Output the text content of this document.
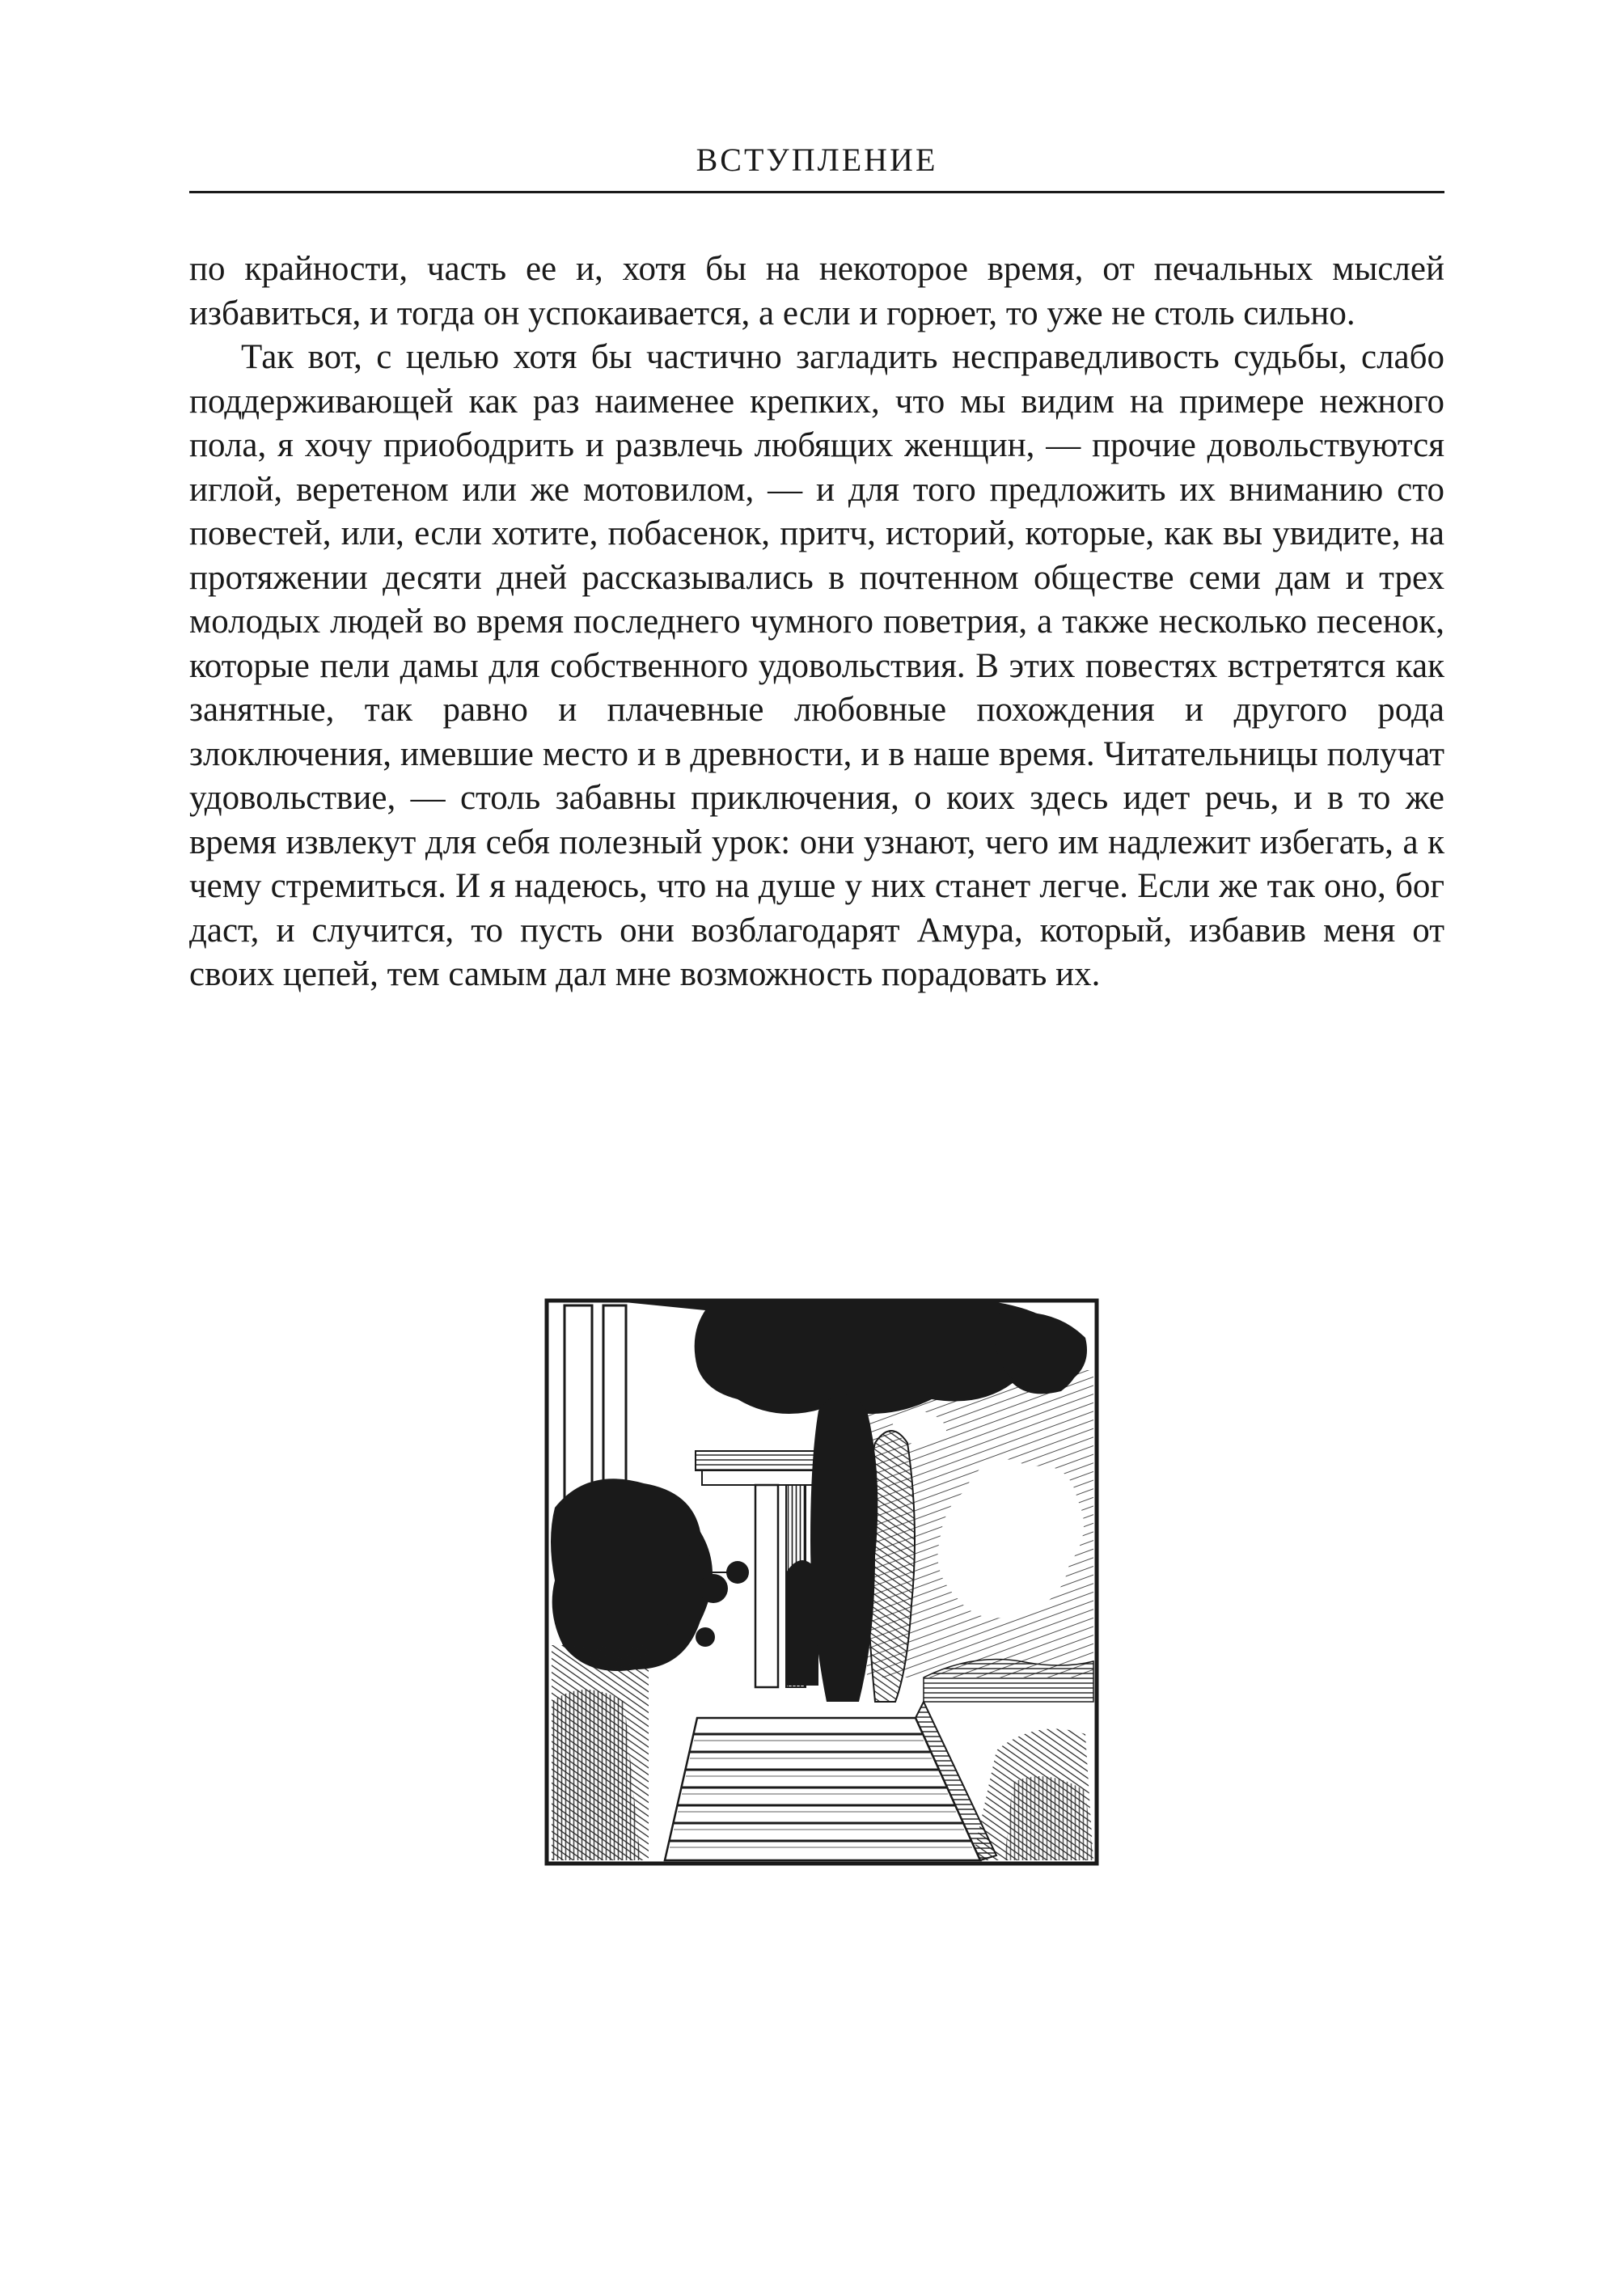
ВСТУПЛЕНИЕ

по крайности, часть ее и, хотя бы на некоторое время, от печальных мыслей избавиться, и тогда он успокаивается, а если и горюет, то уже не столь сильно.

Так вот, с целью хотя бы частично загладить несправедливость судьбы, слабо поддерживающей как раз наименее крепких, что мы видим на примере нежного пола, я хочу приободрить и развлечь любящих женщин, — прочие довольствуются иглой, веретеном или же мотовилом, — и для того предложить их вниманию сто повестей, или, если хотите, побасенок, притч, историй, которые, как вы увидите, на протяжении десяти дней рассказывались в почтенном обществе семи дам и трех молодых людей во время последнего чумного поветрия, а также несколько песенок, которые пели дамы для собственного удовольствия. В этих повестях встретятся как занятные, так равно и плачевные любовные похождения и другого рода злоключения, имевшие место и в древности, и в наше время. Читательницы получат удовольствие, — столь забавны приключения, о коих здесь идет речь, и в то же время извлекут для себя полезный урок: они узнают, чего им надлежит избегать, а к чему стремиться. И я надеюсь, что на душе у них станет легче. Если же так оно, бог даст, и случится, то пусть они возблагодарят Амура, который, избавив меня от своих цепей, тем самым дал мне возможность порадовать их.
